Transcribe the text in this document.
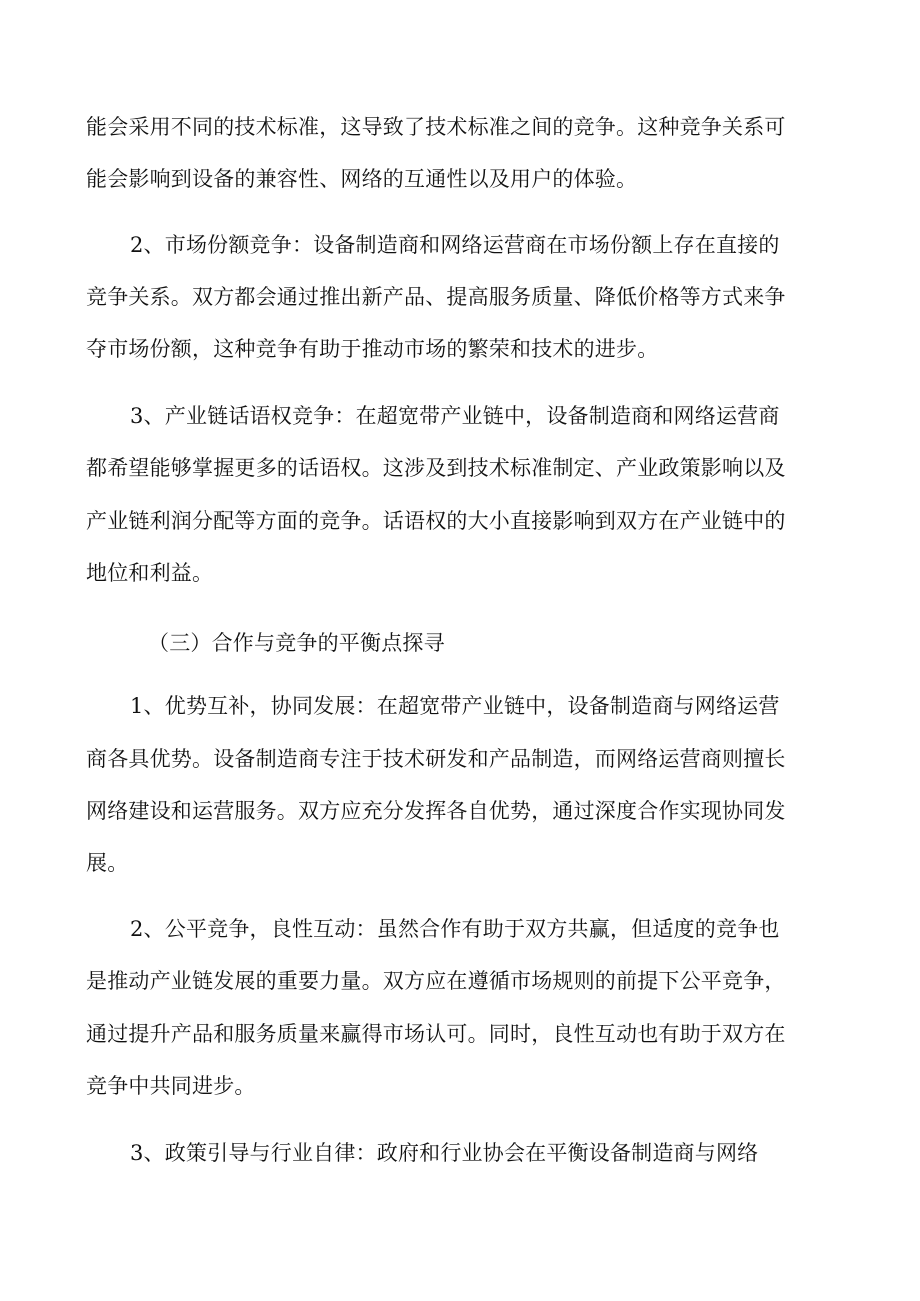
能会采用不同的技术标准，这导致了技术标准之间的竞争。这种竞争关系可
能会影响到设备的兼容性、网络的互通性以及用户的体验。
2、市场份额竞争：设备制造商和网络运营商在市场份额上存在直接的
竞争关系。双方都会通过推出新产品、提高服务质量、降低价格等方式来争
夺市场份额，这种竞争有助于推动市场的繁荣和技术的进步。
3、产业链话语权竞争：在超宽带产业链中，设备制造商和网络运营商
都希望能够掌握更多的话语权。这涉及到技术标准制定、产业政策影响以及
产业链利润分配等方面的竞争。话语权的大小直接影响到双方在产业链中的
地位和利益。
（三）合作与竞争的平衡点探寻
1、优势互补，协同发展：在超宽带产业链中，设备制造商与网络运营
商各具优势。设备制造商专注于技术研发和产品制造，而网络运营商则擅长
网络建设和运营服务。双方应充分发挥各自优势，通过深度合作实现协同发
展。
2、公平竞争，良性互动：虽然合作有助于双方共赢，但适度的竞争也
是推动产业链发展的重要力量。双方应在遵循市场规则的前提下公平竞争，
通过提升产品和服务质量来赢得市场认可。同时，良性互动也有助于双方在
竞争中共同进步。
3、政策引导与行业自律：政府和行业协会在平衡设备制造商与网络
